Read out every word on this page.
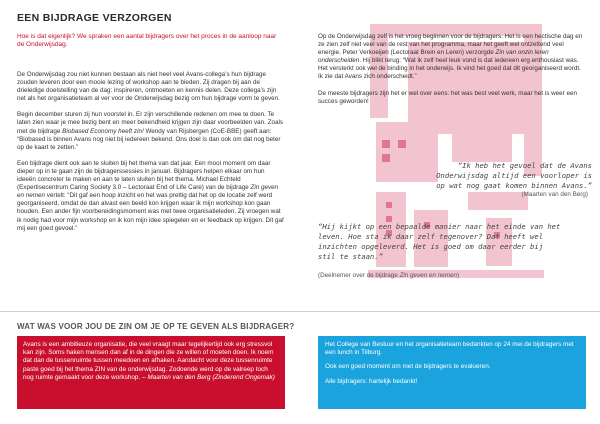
EEN BIJDRAGE VERZORGEN
Hoe is dat eigenlijk? We spraken een aantal bijdragers over het proces in de aanloop naar de Onderwijsdag.

De Onderwijsdag zou niet kunnen bestaan als niet heel veel Avans-collega’s hun bijdrage zouden leveren door een mooie lezing of workshop aan te bieden. Zij dragen bij aan de drieledige doelstelling van de dag: inspireren, ontmoeten en kennis delen. Deze collega’s zijn net als het organisatieteam al ver voor de Onderwijsdag bezig om hun bijdrage vorm te geven.

Begin december sturen zij hun voorstel in. Er zijn verschillende redenen om mee te doen. Te laten zien waar je mee bezig bent en meer bekendheid krijgen zijn daar voorbeelden van. Zoals met de bijdrage Biobased Economy heeft zin! Wendy van Rijsbergen (CoE-BBE) geeft aan: “Biobased is binnen Avans nog niet bij iedereen bekend. Ons doel is dan ook om dat nog beter op de kaart te zetten.”

Een bijdrage dient ook aan te sluiten bij het thema van dat jaar. Een mooi moment om daar dieper op in te gaan zijn de bijdragerssessies in januari. Bijdragers helpen elkaar om hun ideeën concreter te maken en aan te laten sluiten bij het thema. Michael Echteld (Expertisecentrum Caring Society 3.0 – Lectoraat End of Life Care) van de bijdrage Zin geven en nemen vertelt: “Dit gaf een hoop inzicht en het was prettig dat het op de locatie zelf werd georganiseerd, omdat de dan alvast een beeld kon krijgen waar ik mijn workshop kon gaan houden. Een ander fijn voorbereidingsmoment was met twee organisatieleden. Zij vroegen wat ik nodig had voor mijn workshop en ik kon mijn idee spiegelen en er feedback op krijgen. Dit gaf mij een goed gevoel.”

Op de Onderwijsdag zelf is het vroeg beginnen voor de bijdragers. Het is een hectische dag en ze zien zelf niet veel van de rest van het programma, maar het geeft wel ontzettend veel energie. Peter Verkoeijen (Lectoraat Brein en Leren) verzorgde Zin van onzin leren onderscheiden. Hij blikt terug: “Wat ik zelf heel leuk vond is dat iedereen erg enthousiast was. Het versterkt ook wel de binding in het onderwijs. Ik vind het goed dat dit georganiseerd wordt. Ik zie dat Avans zich onderscheidt.”

De meeste bijdragers zijn het er wel over eens: het was best veel werk, maar het is weer een succes geworden!

“Ik heb het gevoel dat de Avans Onderwijsdag altijd een voorloper is op wat nog gaat komen binnen Avans.”
(Maarten van den Berg)
“Hij kijkt op een bepaalde manier naar het einde van het leven. Hoe sta ik daar zelf tegenover? Dat heeft wel inzichten opgeleverd. Het is goed om daar eerder bij stil te staan.”
(Deelnemer over de bijdrage Zin geven en nemen)
WAT WAS VOOR JOU DE ZIN OM JE OP TE GEVEN ALS BIJDRAGER?
Avans is een ambitieuze organisatie, die veel vraagt maar tegelijkertijd ook erg stressvol kan zijn. Soms haken mensen dan af in de dingen die ze willen of moeten doen. Ik noem dat dan de tussenruimte tussen meedoen en afhaken. Aandacht voor deze tussenruimte paste goed bij het thema ZIN van de onderwijsdag. Zodoende werd op de valreep toch nog ruimte gemaakt voor deze workshop. – Maarten van den Berg (Zinderend Ongemak)

Het College van Bestuur en het organisatieteam bedankten op 24 mei de bijdragers met een lunch in Tilburg.

Ook een goed moment om met de bijdragers te evalueren.

Alle bijdragers: hartelijk bedankt!
